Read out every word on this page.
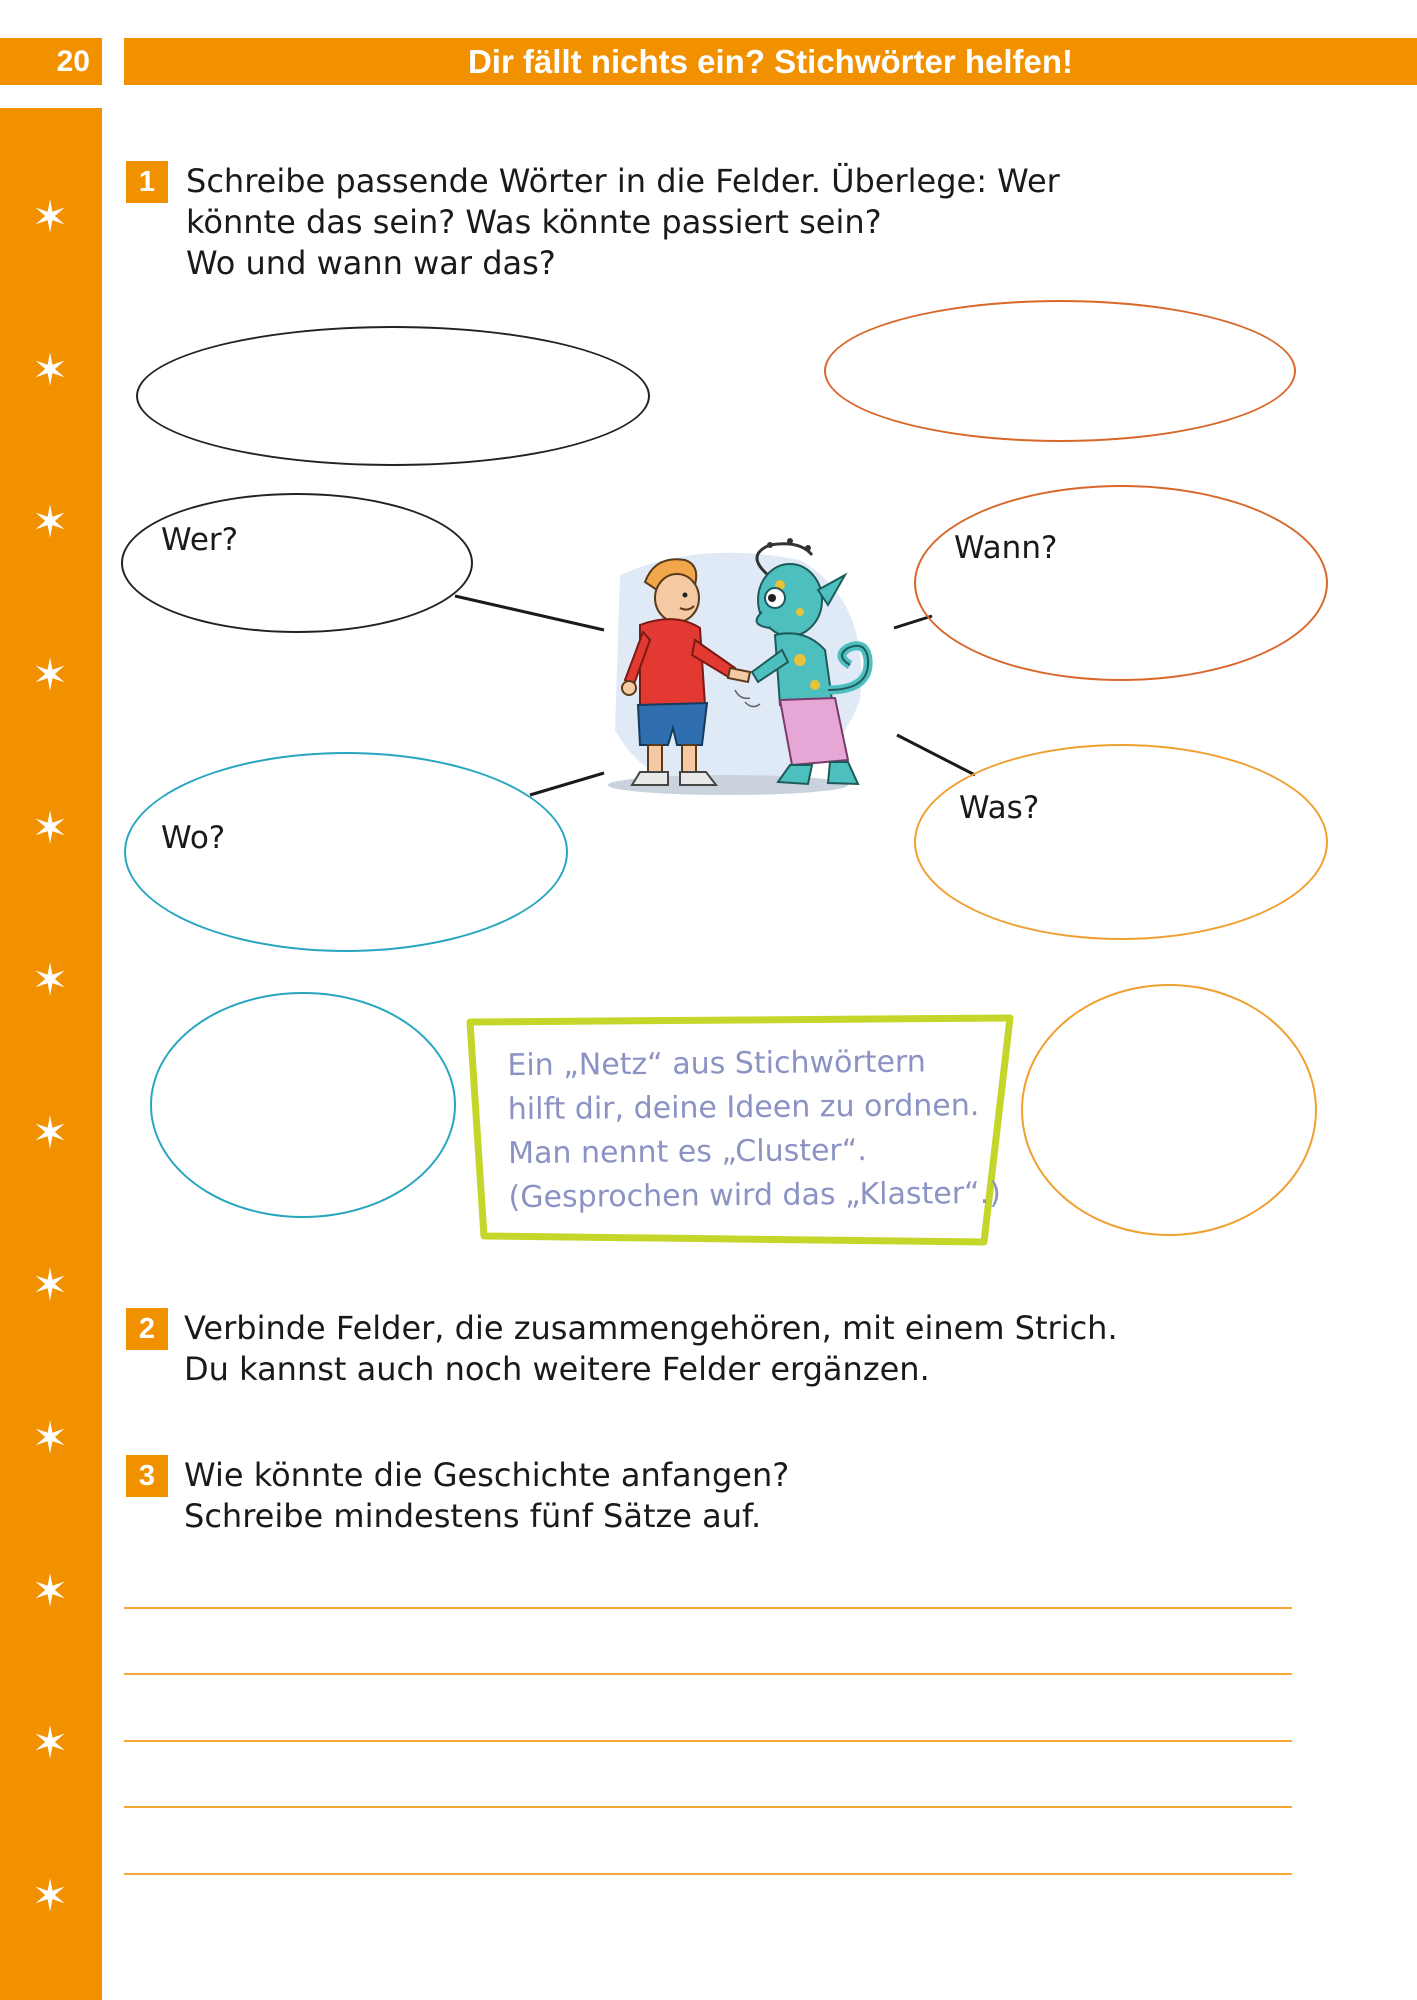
20	Dir fällt nichts ein? Stichwörter helfen!
✶
✶
✶
✶
✶
✶
✶
✶
✶
✶
✶
✶
1 Schreibe passende Wörter in die Felder. Überlege: Wer
könnte das sein? Was könnte passiert sein?
Wo und wann war das?
Wer?	Wann?
Wo?
Was?
Ein „Netz“ aus Stichwörtern
hilft dir, deine Ideen zu ordnen.
Man nennt es „Cluster“.
(Gesprochen wird das „Klaster“.)
2 Verbinde Felder, die zusammengehören, mit einem Strich.
Du kannst auch noch weitere Felder ergänzen.
3 Wie könnte die Geschichte anfangen?
Schreibe mindestens fünf Sätze auf.
